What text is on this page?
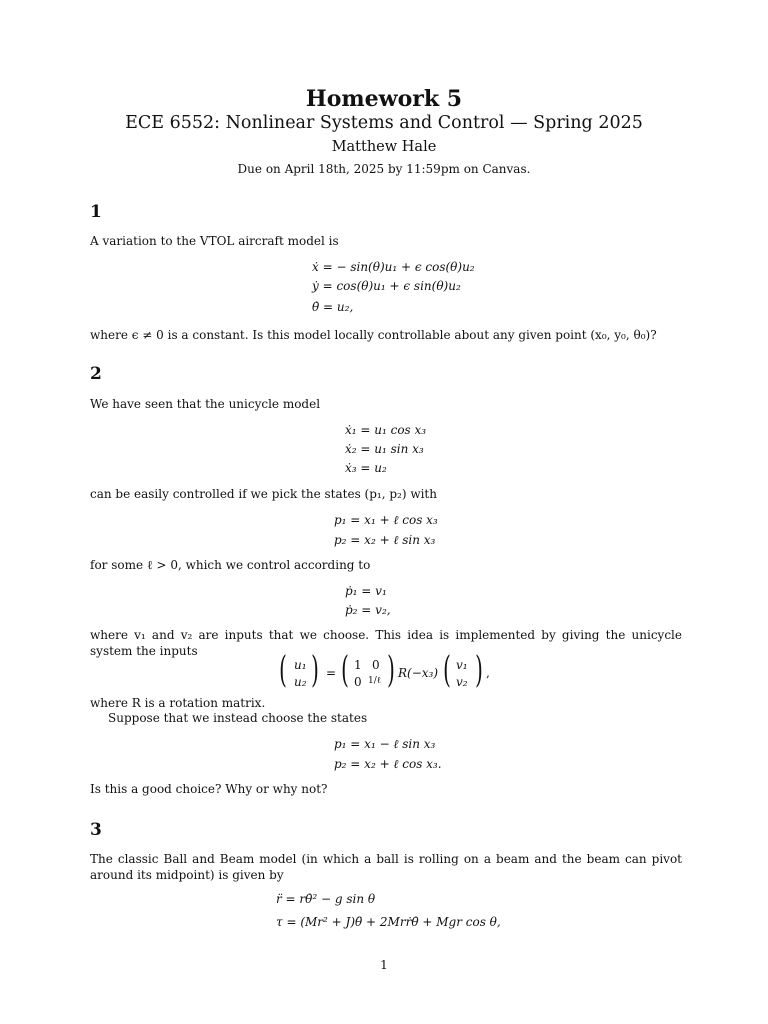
Homework 5
ECE 6552: Nonlinear Systems and Control — Spring 2025
Matthew Hale
Due on April 18th, 2025 by 11:59pm on Canvas.
1
A variation to the VTOL aircraft model is
ẋ = − sin(θ)u₁ + ϵ cos(θ)u₂
ẏ = cos(θ)u₁ + ϵ sin(θ)u₂
θ̇ = u₂,
where ϵ ≠ 0 is a constant. Is this model locally controllable about any given point (x₀, y₀, θ₀)?
2
We have seen that the unicycle model
ẋ₁ = u₁ cos x₃
ẋ₂ = u₁ sin x₃
ẋ₃ = u₂
can be easily controlled if we pick the states (p₁, p₂) with
p₁ = x₁ + ℓ cos x₃
p₂ = x₂ + ℓ sin x₃
for some ℓ > 0, which we control according to
ṗ₁ = v₁
ṗ₂ = v₂,
where v₁ and v₂ are inputs that we choose. This idea is implemented by giving the unicycle system the inputs	( u₁
u₂ ) = ( 1 0
0 1/ℓ ) R(−x₃) ( v₁
v₂ ) ,
where R is a rotation matrix.
Suppose that we instead choose the states
p₁ = x₁ − ℓ sin x₃
p₂ = x₂ + ℓ cos x₃.
Is this a good choice? Why or why not?
3
The classic Ball and Beam model (in which a ball is rolling on a beam and the beam can pivot around its midpoint) is given by
r̈ = rθ̇² − g sin θ
τ = (Mr² + J)θ̈ + 2Mrṙθ̇ + Mgr cos θ,
1
